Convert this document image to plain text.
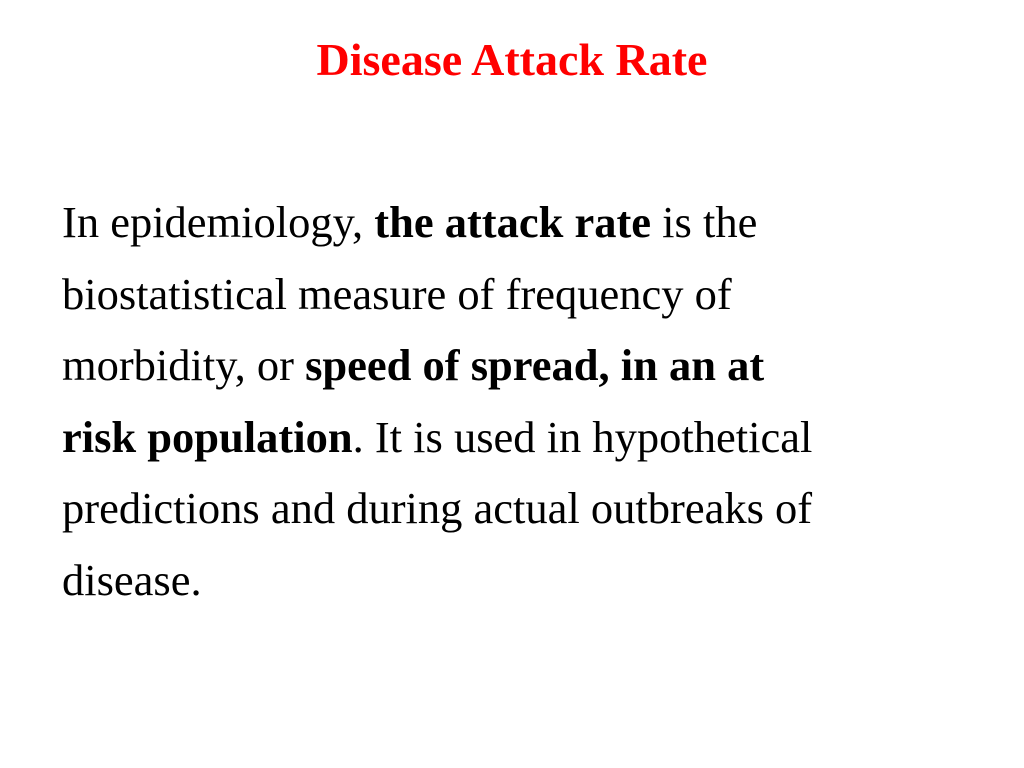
Disease Attack Rate

In epidemiology, the attack rate is the
biostatistical measure of frequency of
morbidity, or speed of spread, in an at
risk population. It is used in hypothetical
predictions and during actual outbreaks of
disease.
